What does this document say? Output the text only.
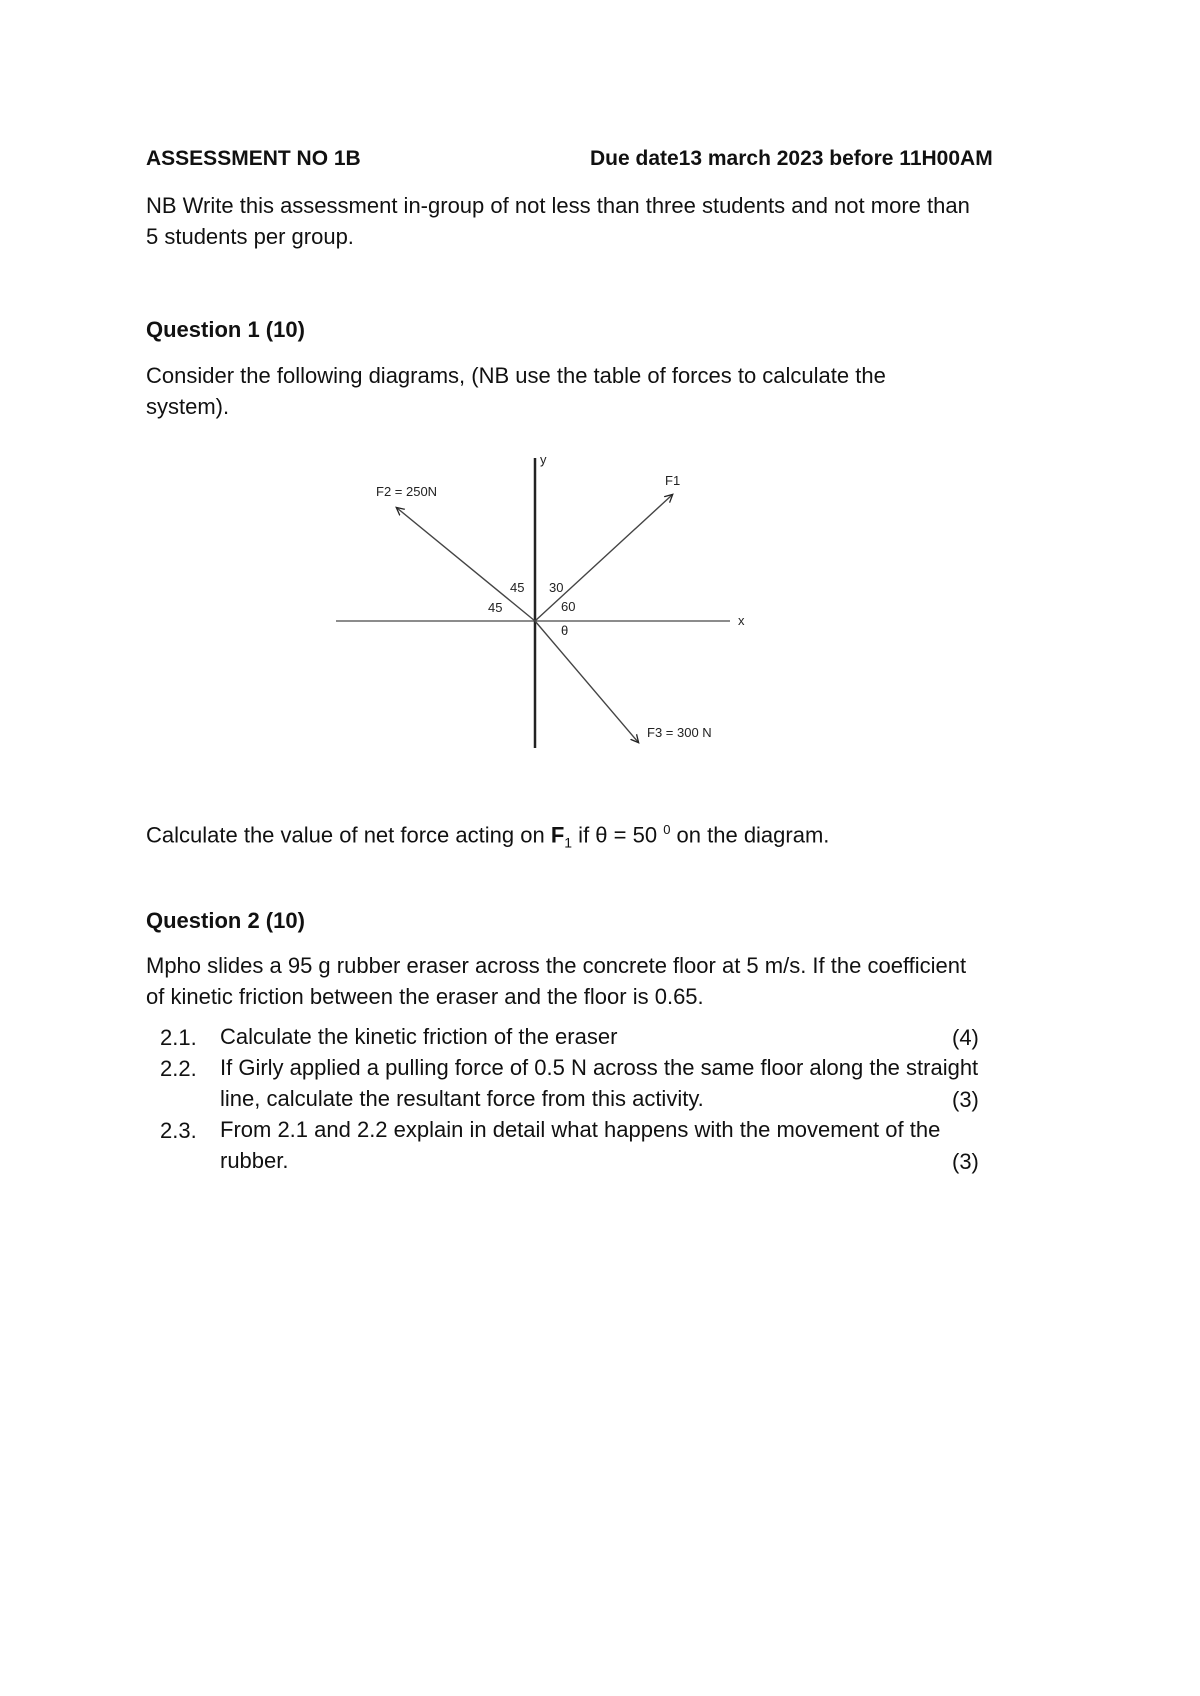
ASSESSMENT NO 1B	Due date13 march 2023 before 11H00AM
NB Write this assessment in-group of not less than three students and not more than
5 students per group.
Question 1 (10)
Consider the following diagrams, (NB use the table of forces to calculate the
system).
x
y
F1
F2 = 250N
F3 = 300 N
45
45
30
60
θ
Calculate the value of net force acting on $F_1$ if θ = 50 $^0$ on the diagram.
Question 2 (10)
Mpho slides a 95 g rubber eraser across the concrete floor at 5 m/s. If the coefficient
of kinetic friction between the eraser and the floor is 0.65.
2.1. Calculate the kinetic friction of the eraser	(4)
2.2. If Girly applied a pulling force of 0.5 N across the same floor along the straight
line, calculate the resultant force from this activity.	(3)
2.3. From 2.1 and 2.2 explain in detail what happens with the movement of the
rubber.	(3)
